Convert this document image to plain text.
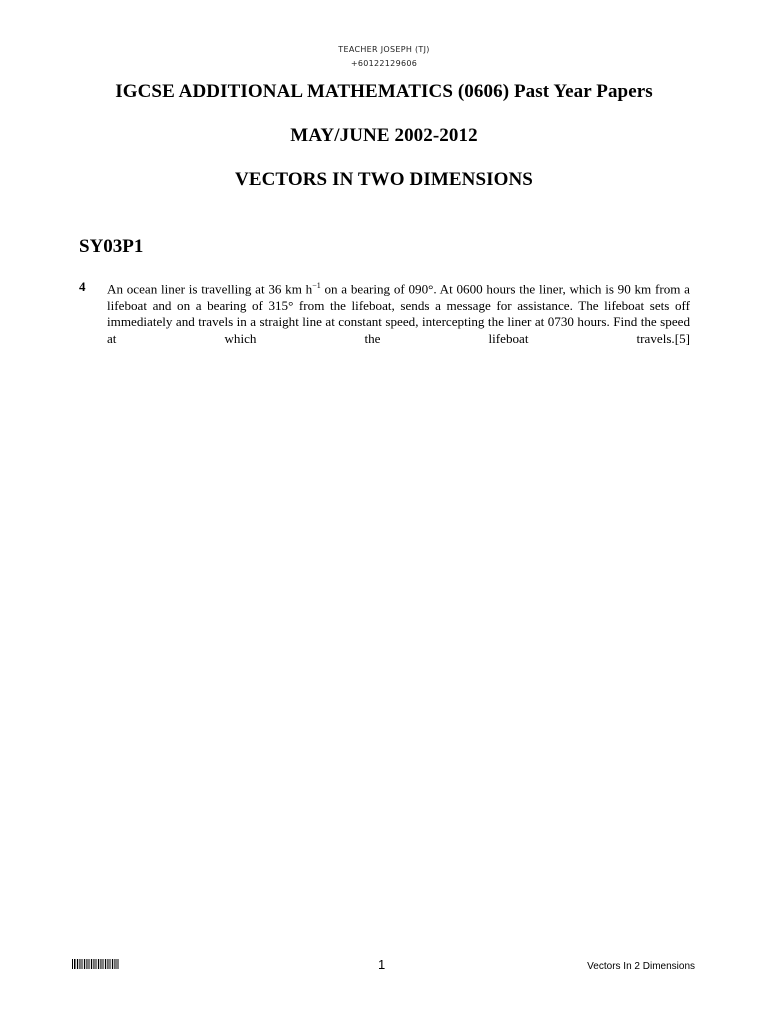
TEACHER JOSEPH (TJ)
+60122129606
IGCSE ADDITIONAL MATHEMATICS (0606) Past Year Papers
MAY/JUNE 2002-2012
VECTORS IN TWO DIMENSIONS
SY03P1
4 An ocean liner is travelling at 36 km $h^{-1}$ on a bearing of 090°. At 0600 hours the liner, which is 90 km from a lifeboat and on a bearing of 315° from the lifeboat, sends a message for assistance. The lifeboat sets off immediately and travels in a straight line at constant speed, intercepting the liner at 0730 hours. Find the speed at which the lifeboat travels. [5]
1	Vectors In 2 Dimensions
